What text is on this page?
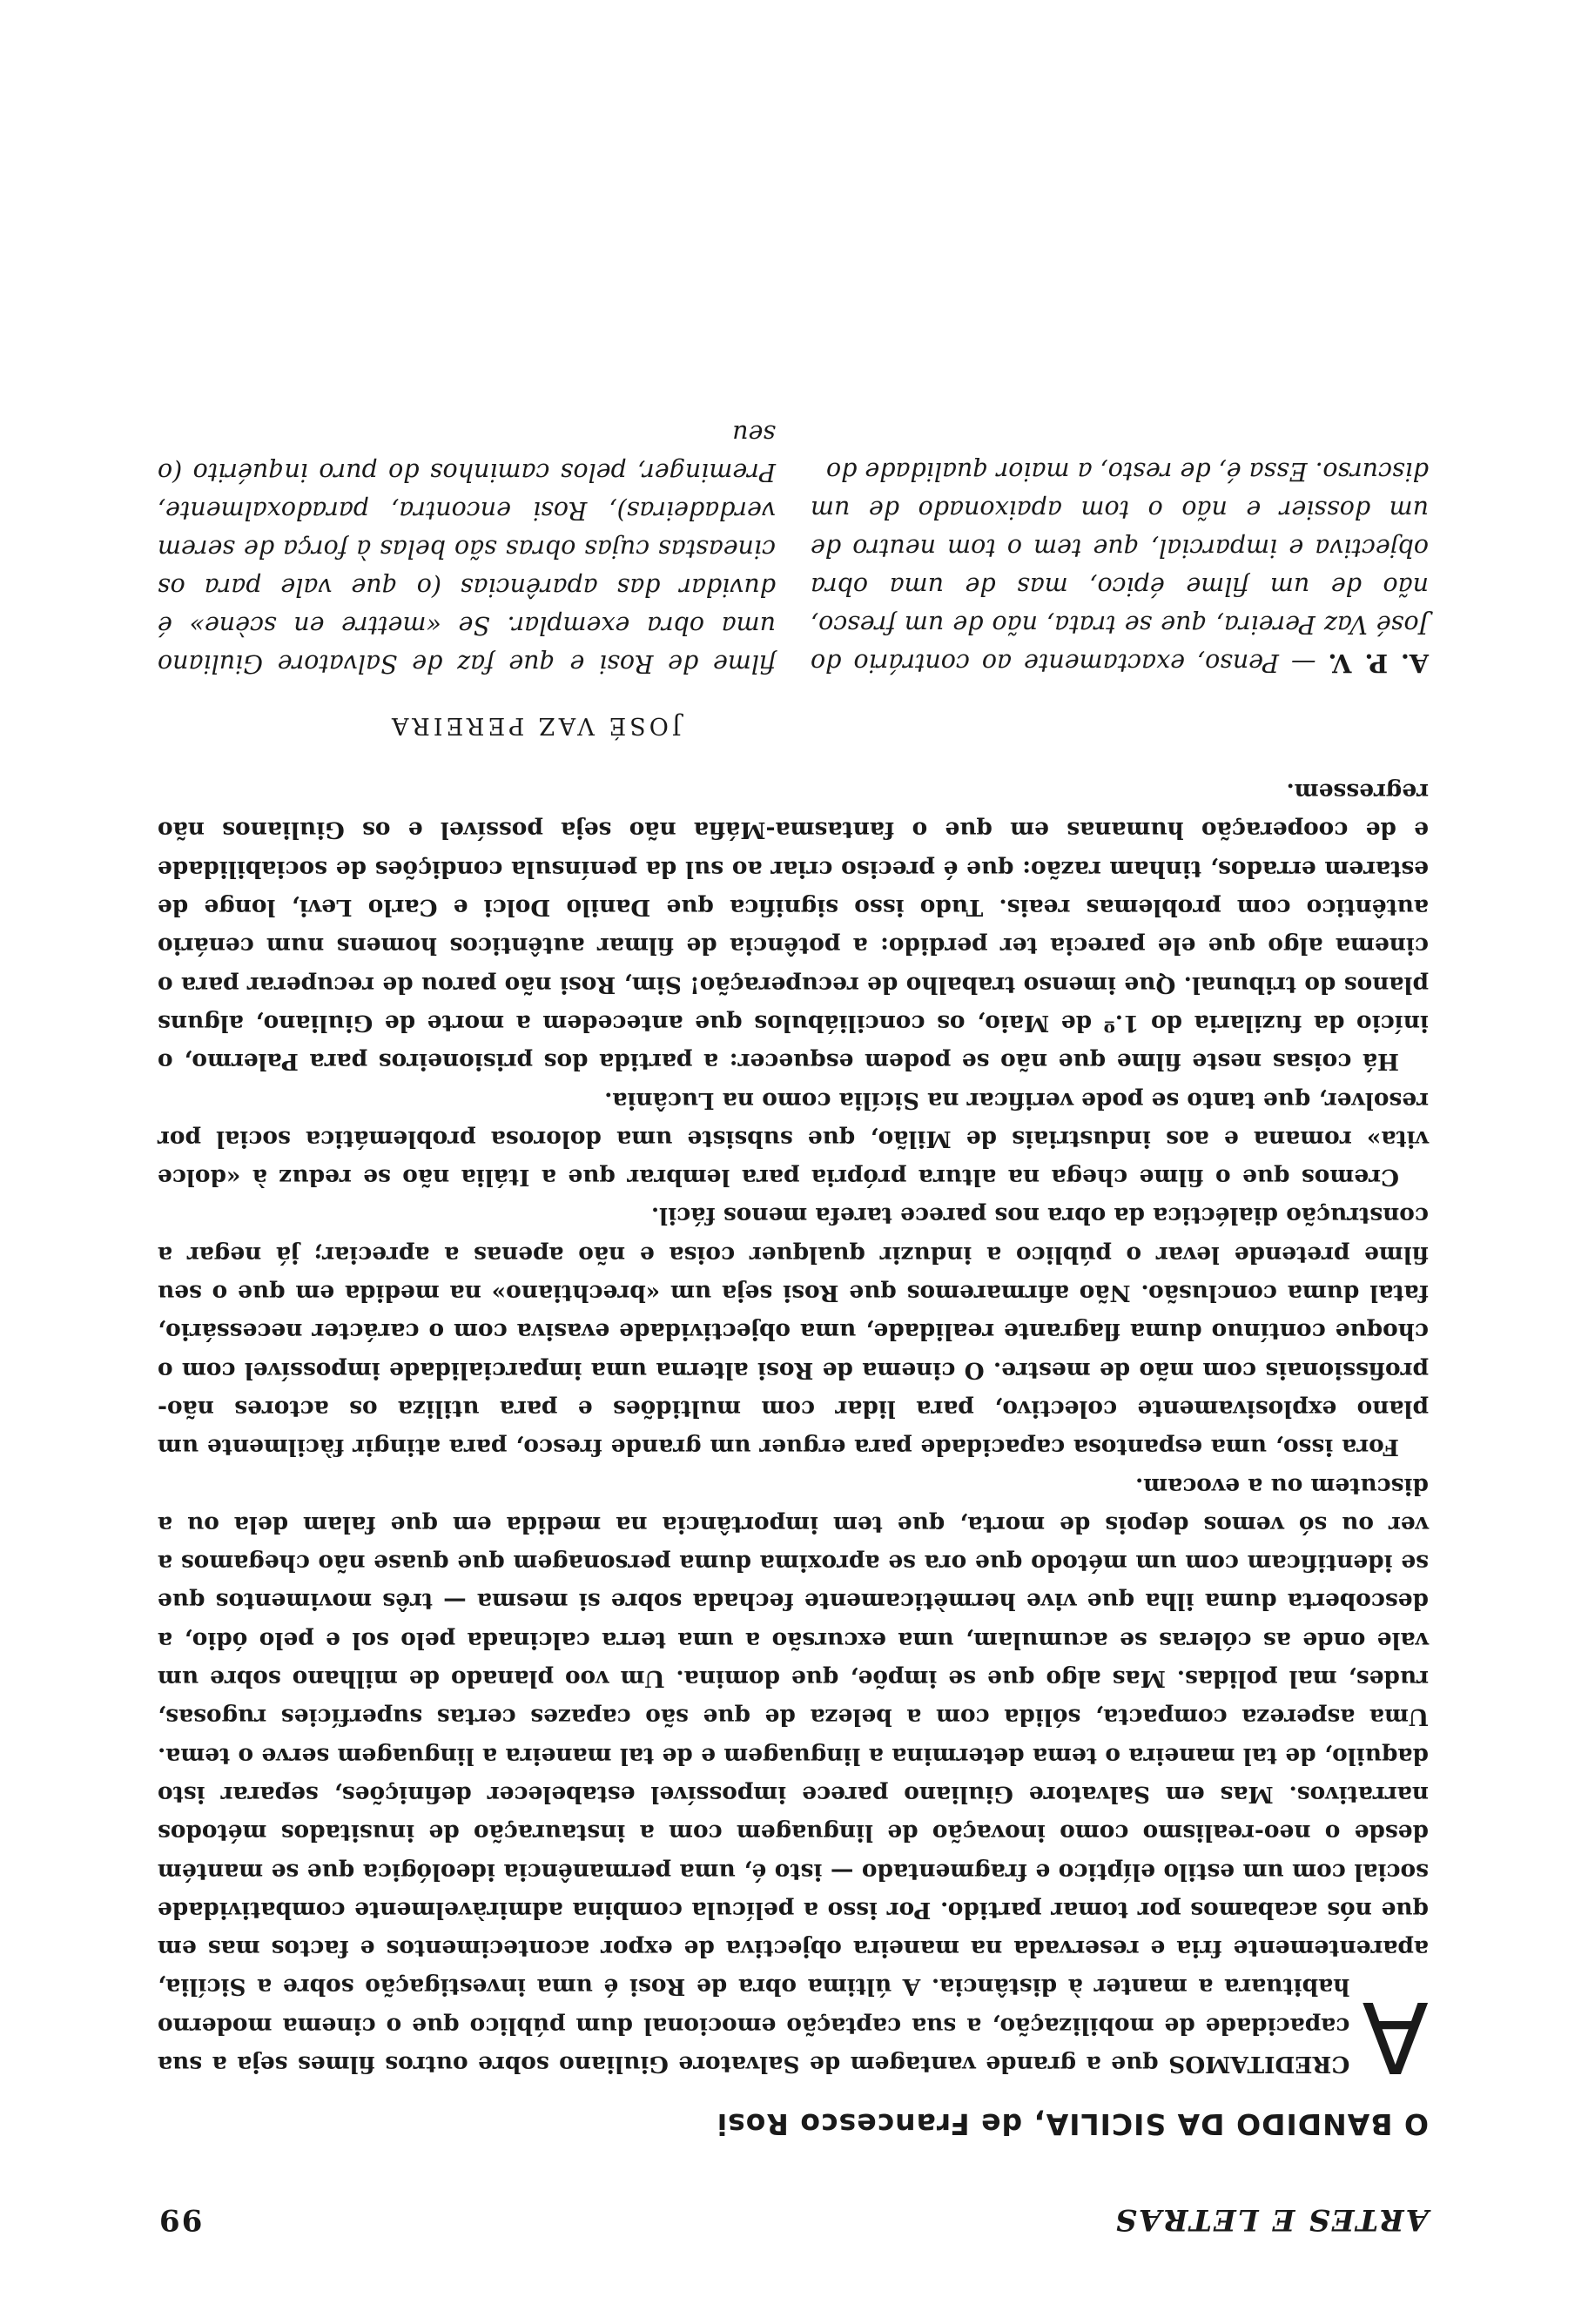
ARTES E LETRAS
99
O BANDIDO DA SICILIA, de Francesco Rosi

A
CREDITAMOS que a grande vantagem de Salvatore Giuliano sobre outros filmes seja a sua capacidade de mobilização, a sua captação emocional dum público que o cinema moderno habituara a manter à distância. A última obra de Rosi é uma investigação sobre a Sicília, aparentemente fria e reservada na maneira objectiva de expor acontecimentos e factos mas em que nós acabamos por tomar partido. Por isso a película combina admiràvelmente combatividade social com um estilo elíptico e fragmentado — isto é, uma permanência ideológica que se mantém desde o neo-realismo como inovação de linguagem com a instauração de inusitados métodos narrativos. Mas em Salvatore Giuliano parece impossível estabelecer definições, separar isto daquilo, de tal maneira o tema determina a linguagem e de tal maneira a linguagem serve o tema. Uma aspereza compacta, sólida com a beleza de que são capazes certas superfícies rugosas, rudes, mal polidas. Mas algo que se impõe, que domina. Um voo planado de milhano sobre um vale onde as cóleras se acumulam, uma excursão a uma terra calcinada pelo sol e pelo ódio, a descoberta duma ilha que vive hermèticamente fechada sobre si mesma — três movimentos que se identificam com um método que ora se aproxima duma personagem que quase não chegamos a ver ou só vemos depois de morta, que tem importância na medida em que falam dela ou a discutem ou a evocam.

Fora isso, uma espantosa capacidade para erguer um grande fresco, para atingir fàcilmente um plano explosivamente colectivo, para lidar com multidões e para utiliza os actores não-profissionais com mão de mestre. O cinema de Rosi alterna uma imparcialidade impossível com o choque contínuo duma flagrante realidade, uma objectividade evasiva com o carácter necessário, fatal duma conclusão. Não afirmaremos que Rosi seja um «brechtiano» na medida em que o seu filme pretende levar o público a induzir qualquer coisa e não apenas a apreciar; já negar a construção dialéctica da obra nos parece tarefa menos fácil.

Cremos que o filme chega na altura própria para lembrar que a Itália não se reduz à «dolce vita» romana e aos industriais de Milão, que subsiste uma dolorosa problemática social por resolver, que tanto se pode verificar na Sicília como na Lucânia.

Há coisas neste filme que não se podem esquecer: a partida dos prisioneiros para Palermo, o início da fuzilaria do 1.º de Maio, os conciliábulos que antecedem a morte de Giuliano, alguns planos do tribunal. Que imenso trabalho de recuperação! Sim, Rosi não parou de recuperar para o cinema algo que ele parecia ter perdido: a potência de filmar autênticos homens num cenário autêntico com problemas reais. Tudo isso significa que Danilo Dolci e Carlo Levi, longe de estarem errados, tinham razão: que é preciso criar ao sul da península condições de sociabilidade e de cooperação humanas em que o fantasma-Máfia não seja possível e os Giulianos não regressem.

JOSÉ VAZ PEREIRA
A. P. V. — Penso, exactamente ao contrário do José Vaz Pereira, que se trata, não de um fresco, não de um filme épico, mas de uma obra objectiva e imparcial, que tem o tom neutro de um dossier e não o tom apaixonado de um discurso. Essa é, de resto, a maior qualidade do
filme de Rosi e que faz de Salvatore Giuliano uma obra exemplar. Se «mettre en scène» é duvidar das aparências (o que vale para os cineastas cujas obras são belas à força de serem verdadeiras), Rosi encontra, paradoxalmente, Preminger, pelos caminhos do puro inquérito (o seu
